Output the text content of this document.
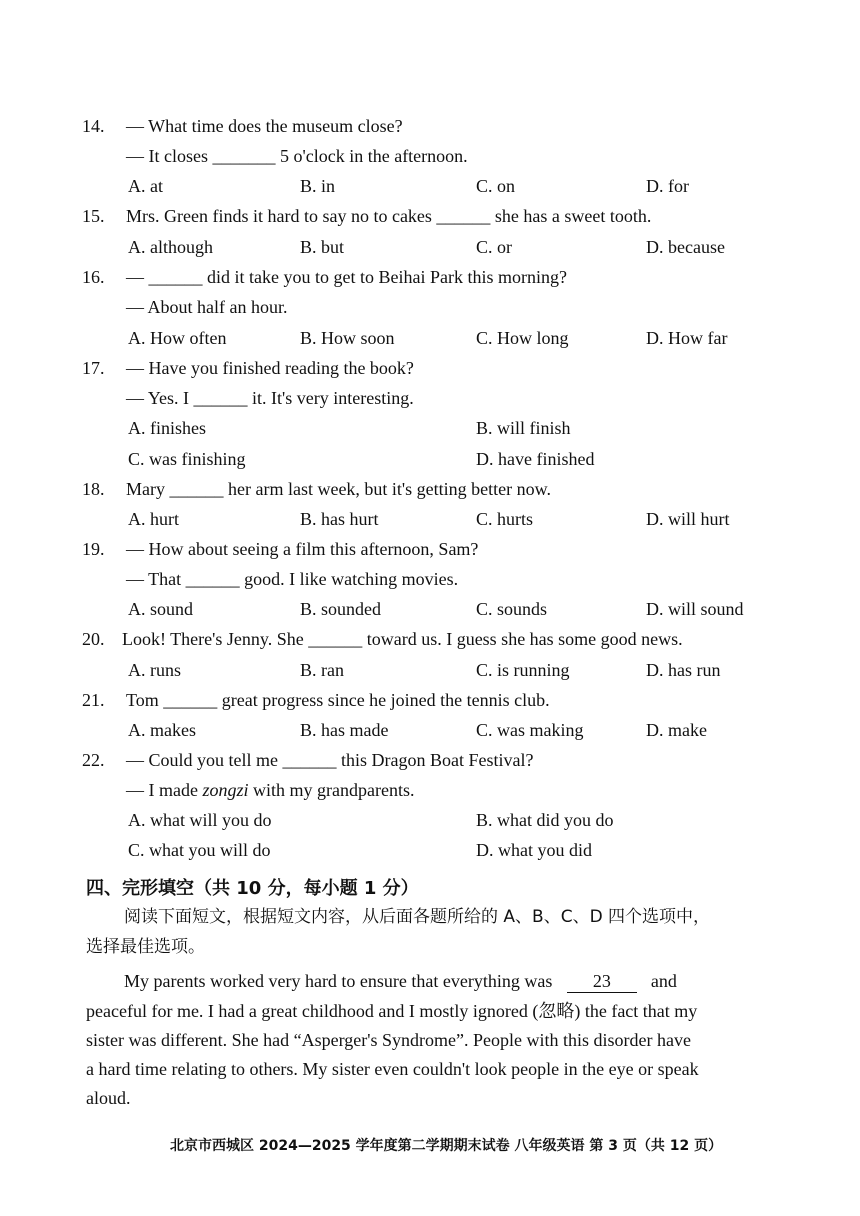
14. — What time does the museum close?
— It closes _______ 5 o'clock in the afternoon.
A. at	B. in	C. on	D. for
15. Mrs. Green finds it hard to say no to cakes ______ she has a sweet tooth.
A. although	B. but	C. or	D. because
16. — ______ did it take you to get to Beihai Park this morning?
— About half an hour.
A. How often	B. How soon	C. How long	D. How far
17. — Have you finished reading the book?
— Yes. I ______ it. It's very interesting.
A. finishes	B. will finish
C. was finishing	D. have finished
18. Mary ______ her arm last week, but it's getting better now.
A. hurt	B. has hurt	C. hurts	D. will hurt
19. — How about seeing a film this afternoon, Sam?
— That ______ good. I like watching movies.
A. sound	B. sounded	C. sounds	D. will sound
20. Look! There's Jenny. She ______ toward us. I guess she has some good news.
A. runs	B. ran	C. is running	D. has run
21. Tom ______ great progress since he joined the tennis club.
A. makes	B. has made	C. was making	D. make
22. — Could you tell me ______ this Dragon Boat Festival?
— I made zongzi with my grandparents.
A. what will you do	B. what did you do
C. what you will do	D. what you did
四、完形填空（共 10 分，每小题 1 分）
阅读下面短文，根据短文内容，从后面各题所给的 A、B、C、D 四个选项中，
选择最佳选项。
My parents worked very hard to ensure that everything was 23and
peaceful for me. I had a great childhood and I mostly ignored (忽略) the fact that my
sister was different. She had “Asperger's Syndrome”. People with this disorder have
a hard time relating to others. My sister even couldn't look people in the eye or speak
aloud.
北京市西城区 2024—2025 学年度第二学期期末试卷 八年级英语 第 3 页（共 12 页）
